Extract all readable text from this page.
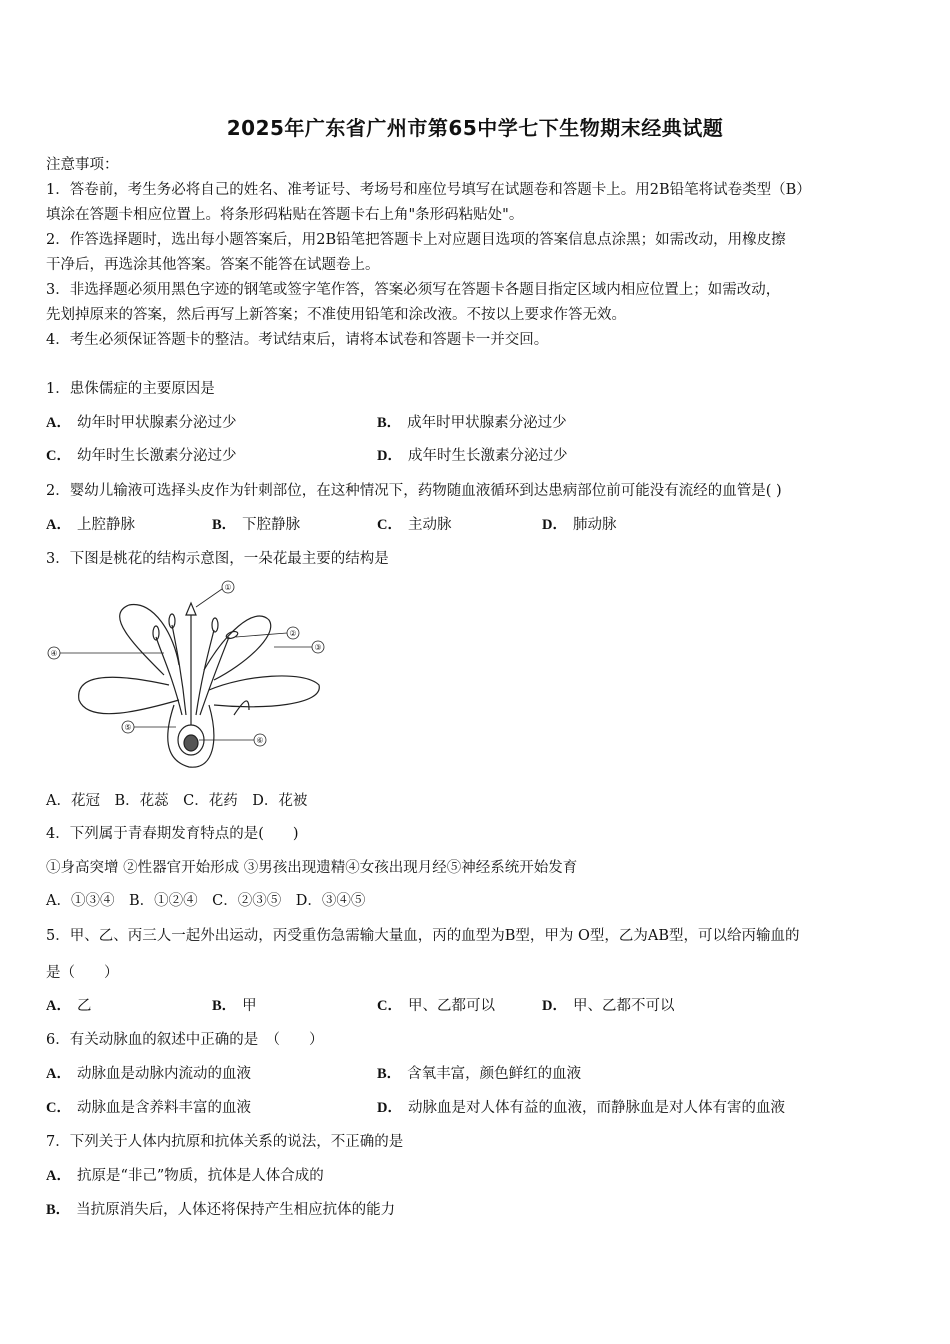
2025年广东省广州市第65中学七下生物期末经典试题
注意事项：
1．答卷前，考生务必将自己的姓名、准考证号、考场号和座位号填写在试题卷和答题卡上。用2B铅笔将试卷类型（B）
填涂在答题卡相应位置上。将条形码粘贴在答题卡右上角"条形码粘贴处"。
2．作答选择题时，选出每小题答案后，用2B铅笔把答题卡上对应题目选项的答案信息点涂黑；如需改动，用橡皮擦
干净后，再选涂其他答案。答案不能答在试题卷上。
3．非选择题必须用黑色字迹的钢笔或签字笔作答，答案必须写在答题卡各题目指定区域内相应位置上；如需改动，
先划掉原来的答案，然后再写上新答案；不准使用铅笔和涂改液。不按以上要求作答无效。
4．考生必须保证答题卡的整洁。考试结束后，请将本试卷和答题卡一并交回。
1．患侏儒症的主要原因是
A． 幼年时甲状腺素分泌过少	B． 成年时甲状腺素分泌过少
C． 幼年时生长激素分泌过少	D． 成年时生长激素分泌过少
2．婴幼儿输液可选择头皮作为针刺部位，在这种情况下，药物随血液循环到达患病部位前可能没有流经的血管是( )
A． 上腔静脉	B． 下腔静脉	C． 主动脉	D． 肺动脉
3．下图是桃花的结构示意图，一朵花最主要的结构是
①
②
③
④
⑤
⑥
A．花冠　B．花蕊　C．花药　D．花被
4．下列属于青春期发育特点的是(　　)
①身高突增 ②性器官开始形成 ③男孩出现遗精④女孩出现月经⑤神经系统开始发育
A．①③④　B．①②④　C．②③⑤　D．③④⑤
5．甲、乙、丙三人一起外出运动，丙受重伤急需输大量血，丙的血型为B型，甲为 O型，乙为AB型，可以给丙输血的
是（　　）
A． 乙	B． 甲	C． 甲、乙都可以	D． 甲、乙都不可以
6．有关动脉血的叙述中正确的是　（　　）
A． 动脉血是动脉内流动的血液	B． 含氧丰富，颜色鲜红的血液
C． 动脉血是含养料丰富的血液	D． 动脉血是对人体有益的血液，而静脉血是对人体有害的血液
7．下列关于人体内抗原和抗体关系的说法，不正确的是
A． 抗原是“非己”物质，抗体是人体合成的
B． 当抗原消失后，人体还将保持产生相应抗体的能力
